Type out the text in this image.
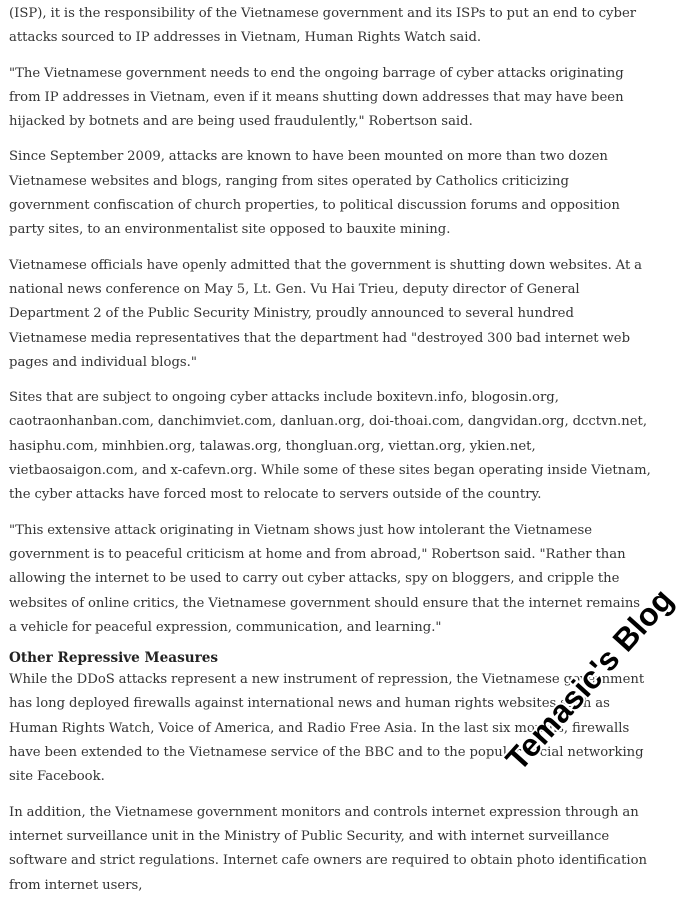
(ISP), it is the responsibility of the Vietnamese government and its ISPs to put an end to cyber attacks sourced to IP addresses in Vietnam, Human Rights Watch said.

"The Vietnamese government needs to end the ongoing barrage of cyber attacks originating from IP addresses in Vietnam, even if it means shutting down addresses that may have been hijacked by botnets and are being used fraudulently," Robertson said.

Since September 2009, attacks are known to have been mounted on more than two dozen Vietnamese websites and blogs, ranging from sites operated by Catholics criticizing government confiscation of church properties, to political discussion forums and opposition party sites, to an environmentalist site opposed to bauxite mining.

Vietnamese officials have openly admitted that the government is shutting down websites. At a national news conference on May 5, Lt. Gen. Vu Hai Trieu, deputy director of General Department 2 of the Public Security Ministry, proudly announced to several hundred Vietnamese media representatives that the department had "destroyed 300 bad internet web pages and individual blogs."

Sites that are subject to ongoing cyber attacks include boxitevn.info, blogosin.org, caotraonhanban.com, danchimviet.com, danluan.org, doi-thoai.com, dangvidan.org, dcctvn.net, hasiphu.com, minhbien.org, talawas.org, thongluan.org, viettan.org, ykien.net, vietbaosaigon.com, and x-cafevn.org. While some of these sites began operating inside Vietnam, the cyber attacks have forced most to relocate to servers outside of the country.

"This extensive attack originating in Vietnam shows just how intolerant the Vietnamese government is to peaceful criticism at home and from abroad," Robertson said. "Rather than allowing the internet to be used to carry out cyber attacks, spy on bloggers, and cripple the websites of online critics, the Vietnamese government should ensure that the internet remains a vehicle for peaceful expression, communication, and learning."

Other Repressive Measures

While the DDoS attacks represent a new instrument of repression, the Vietnamese government has long deployed firewalls against international news and human rights websites such as Human Rights Watch, Voice of America, and Radio Free Asia. In the last six months, firewalls have been extended to the Vietnamese service of the BBC and to the popular social networking site Facebook.

In addition, the Vietnamese government monitors and controls internet expression through an internet surveillance unit in the Ministry of Public Security, and with internet surveillance software and strict regulations. Internet cafe owners are required to obtain photo identification from internet users,

Temasic's Blog
